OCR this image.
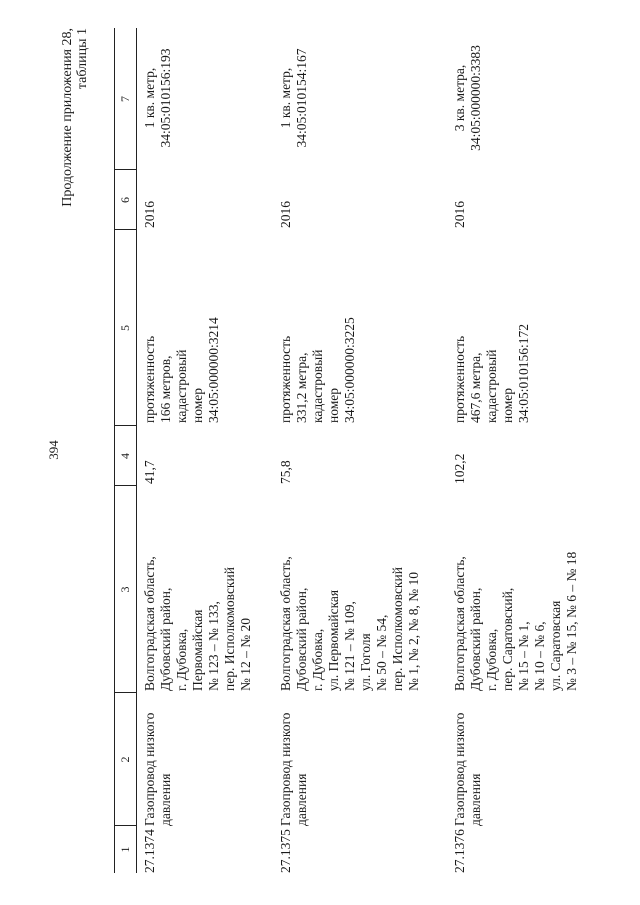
394
Продолжение приложения 28, таблицы 1
1
2
3
4
5
6
7
27.1374
Газопровод низкого давления
Волгоградская область, Дубовский район, г. Дубовка, Первомайская № 123 – № 133, пер. Исполкомовский № 12 – № 20
41,7
протяженность 166 метров, кадастровый номер 34:05:000000:3214
2016
1 кв. метр, 34:05:010156:193
27.1375
Газопровод низкого давления
Волгоградская область, Дубовский район, г. Дубовка, ул. Первомайская № 121 – № 109, ул. Гоголя № 50 – № 54, пер. Исполкомовский № 1, № 2, № 8, № 10
75,8
протяженность 331,2 метра, кадастровый номер 34:05:000000:3225
2016
1 кв. метр, 34:05:010154:167
27.1376
Газопровод низкого давления
Волгоградская область, Дубовский район, г. Дубовка, пер. Саратовский, № 15 – № 1, № 10 – № 6, ул. Саратовская № 3 – № 15, № 6 – № 18
102,2
протяженность 467,6 метра, кадастровый номер 34:05:010156:172
2016
3 кв. метра, 34:05:000000:3383
